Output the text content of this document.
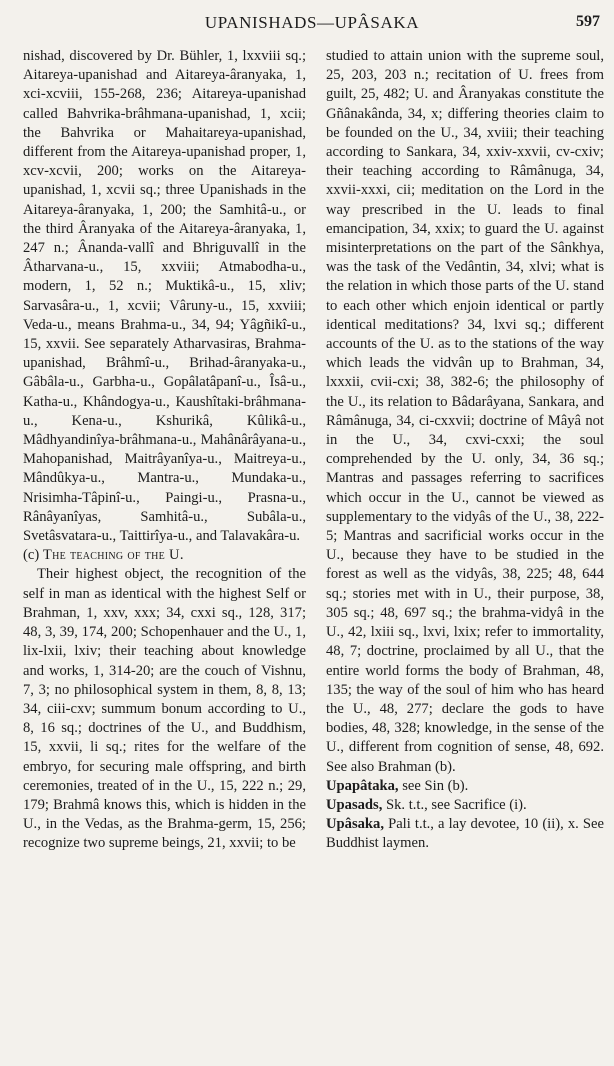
UPANISHADS—UPÂSAKA	597

nishad, discovered by Dr. Bühler, 1, lxxviii sq.; Aitareya-upanishad and Aitareya-âranyaka, 1, xci-xcviii, 155-268, 236; Aitareya-upanishad called Bahvrika-brâhmana-upanishad, 1, xcii; the Bahvrika or Mahaitareya-upanishad, different from the Aitareya-upanishad proper, 1, xcv-xcvii, 200; works on the Aitareya-upanishad, 1, xcvii sq.; three Upanishads in the Aitareya-âranyaka, 1, 200; the Samhitâ-u., or the third Âranyaka of the Aitareya-âranyaka, 1, 247 n.; Ânanda-vallî and Bhriguvallî in the Âtharvana-u., 15, xxviii; Atmabodha-u., modern, 1, 52 n.; Muktikâ-u., 15, xliv; Sarvasâra-u., 1, xcvii; Vâruny-u., 15, xxviii; Veda-u., means Brahma-u., 34, 94; Yâgñikî-u., 15, xxvii. See separately Atharvasiras, Brahma-upanishad, Brâhmî-u., Brihad-âranyaka-u., Gâbâla-u., Garbha-u., Gopâlatâpanî-u., Îsâ-u., Katha-u., Khândogya-u., Kaushîtaki-brâhmana-u., Kena-u., Kshurikâ, Kûlikâ-u., Mâdhyandinîya-brâhmana-u., Mahânârâyana-u., Mahopanishad, Maitrâyanîya-u., Maitreya-u., Mândûkya-u., Mantra-u., Mundaka-u., Nrisimha-Tâpinî-u., Paingi-u., Prasna-u., Rânâyanîyas, Samhitâ-u., Subâla-u., Svetâsvatara-u., Taittirîya-u., and Talavakâra-u.

(c) The teaching of the U.

Their highest object, the recognition of the self in man as identical with the highest Self or Brahman, 1, xxv, xxx; 34, cxxi sq., 128, 317; 48, 3, 39, 174, 200; Schopenhauer and the U., 1, lix-lxii, lxiv; their teaching about knowledge and works, 1, 314-20; are the couch of Vishnu, 7, 3; no philosophical system in them, 8, 8, 13; 34, ciii-cxv; summum bonum according to U., 8, 16 sq.; doctrines of the U., and Buddhism, 15, xxvii, li sq.; rites for the welfare of the embryo, for securing male offspring, and birth ceremonies, treated of in the U., 15, 222 n.; 29, 179; Brahmâ knows this, which is hidden in the U., in the Vedas, as the Brahma-germ, 15, 256; recognize two supreme beings, 21, xxvii; to be

studied to attain union with the supreme soul, 25, 203, 203 n.; recitation of U. frees from guilt, 25, 482; U. and Âranyakas constitute the Gñânakânda, 34, x; differing theories claim to be founded on the U., 34, xviii; their teaching according to Sankara, 34, xxiv-xxvii, cv-cxiv; their teaching according to Râmânuga, 34, xxvii-xxxi, cii; meditation on the Lord in the way prescribed in the U. leads to final emancipation, 34, xxix; to guard the U. against misinterpretations on the part of the Sânkhya, was the task of the Vedântin, 34, xlvi; what is the relation in which those parts of the U. stand to each other which enjoin identical or partly identical meditations? 34, lxvi sq.; different accounts of the U. as to the stations of the way which leads the vidvân up to Brahman, 34, lxxxii, cvii-cxi; 38, 382-6; the philosophy of the U., its relation to Bâdarâyana, Sankara, and Râmânuga, 34, ci-cxxvii; doctrine of Mâyâ not in the U., 34, cxvi-cxxi; the soul comprehended by the U. only, 34, 36 sq.; Mantras and passages referring to sacrifices which occur in the U., cannot be viewed as supplementary to the vidyâs of the U., 38, 222-5; Mantras and sacrificial works occur in the U., because they have to be studied in the forest as well as the vidyâs, 38, 225; 48, 644 sq.; stories met with in U., their purpose, 38, 305 sq.; 48, 697 sq.; the brahma-vidyâ in the U., 42, lxiii sq., lxvi, lxix; refer to immortality, 48, 7; doctrine, proclaimed by all U., that the entire world forms the body of Brahman, 48, 135; the way of the soul of him who has heard the U., 48, 277; declare the gods to have bodies, 48, 328; knowledge, in the sense of the U., different from cognition of sense, 48, 692. See also Brahman (b).

Upapâtaka, see Sin (b).

Upasads, Sk. t.t., see Sacrifice (i).

Upâsaka, Pali t.t., a lay devotee, 10 (ii), x. See Buddhist laymen.
